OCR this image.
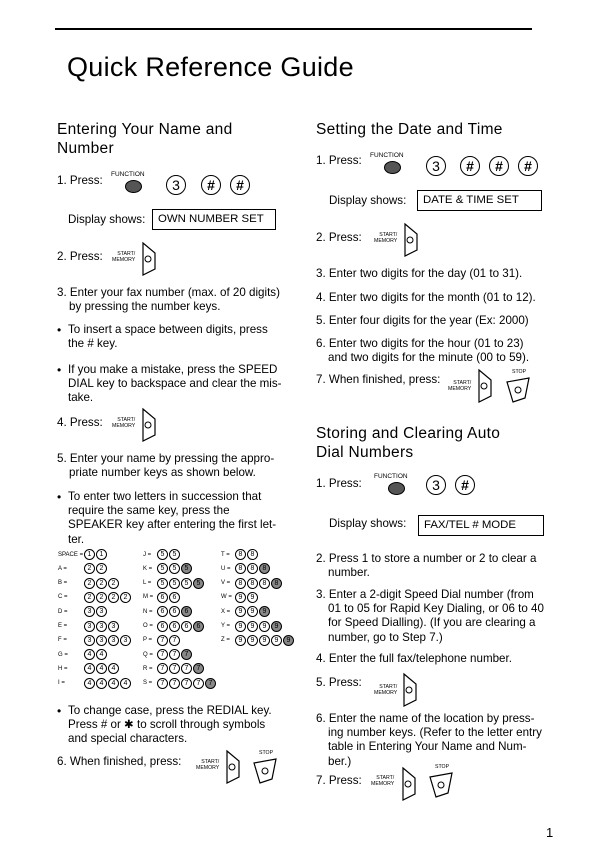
Quick Reference Guide
Entering Your Name and
Number
1. Press: FUNCTION
3	#	#
Display shows:	OWN NUMBER SET
2. Press:	START/
MEMORY
3. Enter your fax number (max. of 20 digits)
by pressing the number keys.
To insert a space between digits, press
the # key.
If you make a mistake, press the SPEED
DIAL key to backspace and clear the mis-
take.
4. Press:	START/
MEMORY
5. Enter your name by pressing the appro-
priate number keys as shown below.
To enter two letters in succession that
require the same key, press the
SPEAKER key after entering the first let-
ter.
SPACE = 1	1
A =	2	2
B =	2	2	2
C =	2	2	2	2
D =	3	3
E =	3	3	3
F =	3	3	3	3
G =	4	4
H =	4	4	4
I =	4	4	4	4
J =	5	5
K =	5	5	5
L =	5	5	5	5
M =	6	6
N =	6	6	6
O =	6	6	6	6
P =	7	7
Q =	7	7	7
R =	7	7	7	7
S =	7	7	7	7	7
T =	8	8
U =	8	8	8
V =	8	8	8	8
W = 9	9
X =	9	9	9
Y =	9	9	9	9
Z =	9	9	9	9	9
To change case, press the REDIAL key.
Press # or ✱ to scroll through symbols
and special characters.
6. When finished, press:	START/
MEMORY
STOP
Setting the Date and Time
1. Press: FUNCTION
3	#	#	#
Display shows:	DATE & TIME SET
2. Press:	START/
MEMORY
3. Enter two digits for the day (01 to 31).
4. Enter two digits for the month (01 to 12).
5. Enter four digits for the year (Ex: 2000)
6. Enter two digits for the hour (01 to 23)
and two digits for the minute (00 to 59).
7. When finished, press:	START/
MEMORY
STOP
Storing and Clearing Auto
Dial Numbers
1. Press:
FUNCTION
3	#
Display shows:	FAX/TEL # MODE
2. Press 1 to store a number or 2 to clear a
number.
3. Enter a 2-digit Speed Dial number (from
01 to 05 for Rapid Key Dialing, or 06 to 40
for Speed Dialling). (If you are clearing a
number, go to Step 7.)
4. Enter the full fax/telephone number.
5. Press:	START/
MEMORY
6. Enter the name of the location by press-
ing number keys. (Refer to the letter entry
table in Entering Your Name and Num-
ber.)
7. Press:	START/
MEMORY
STOP
1
